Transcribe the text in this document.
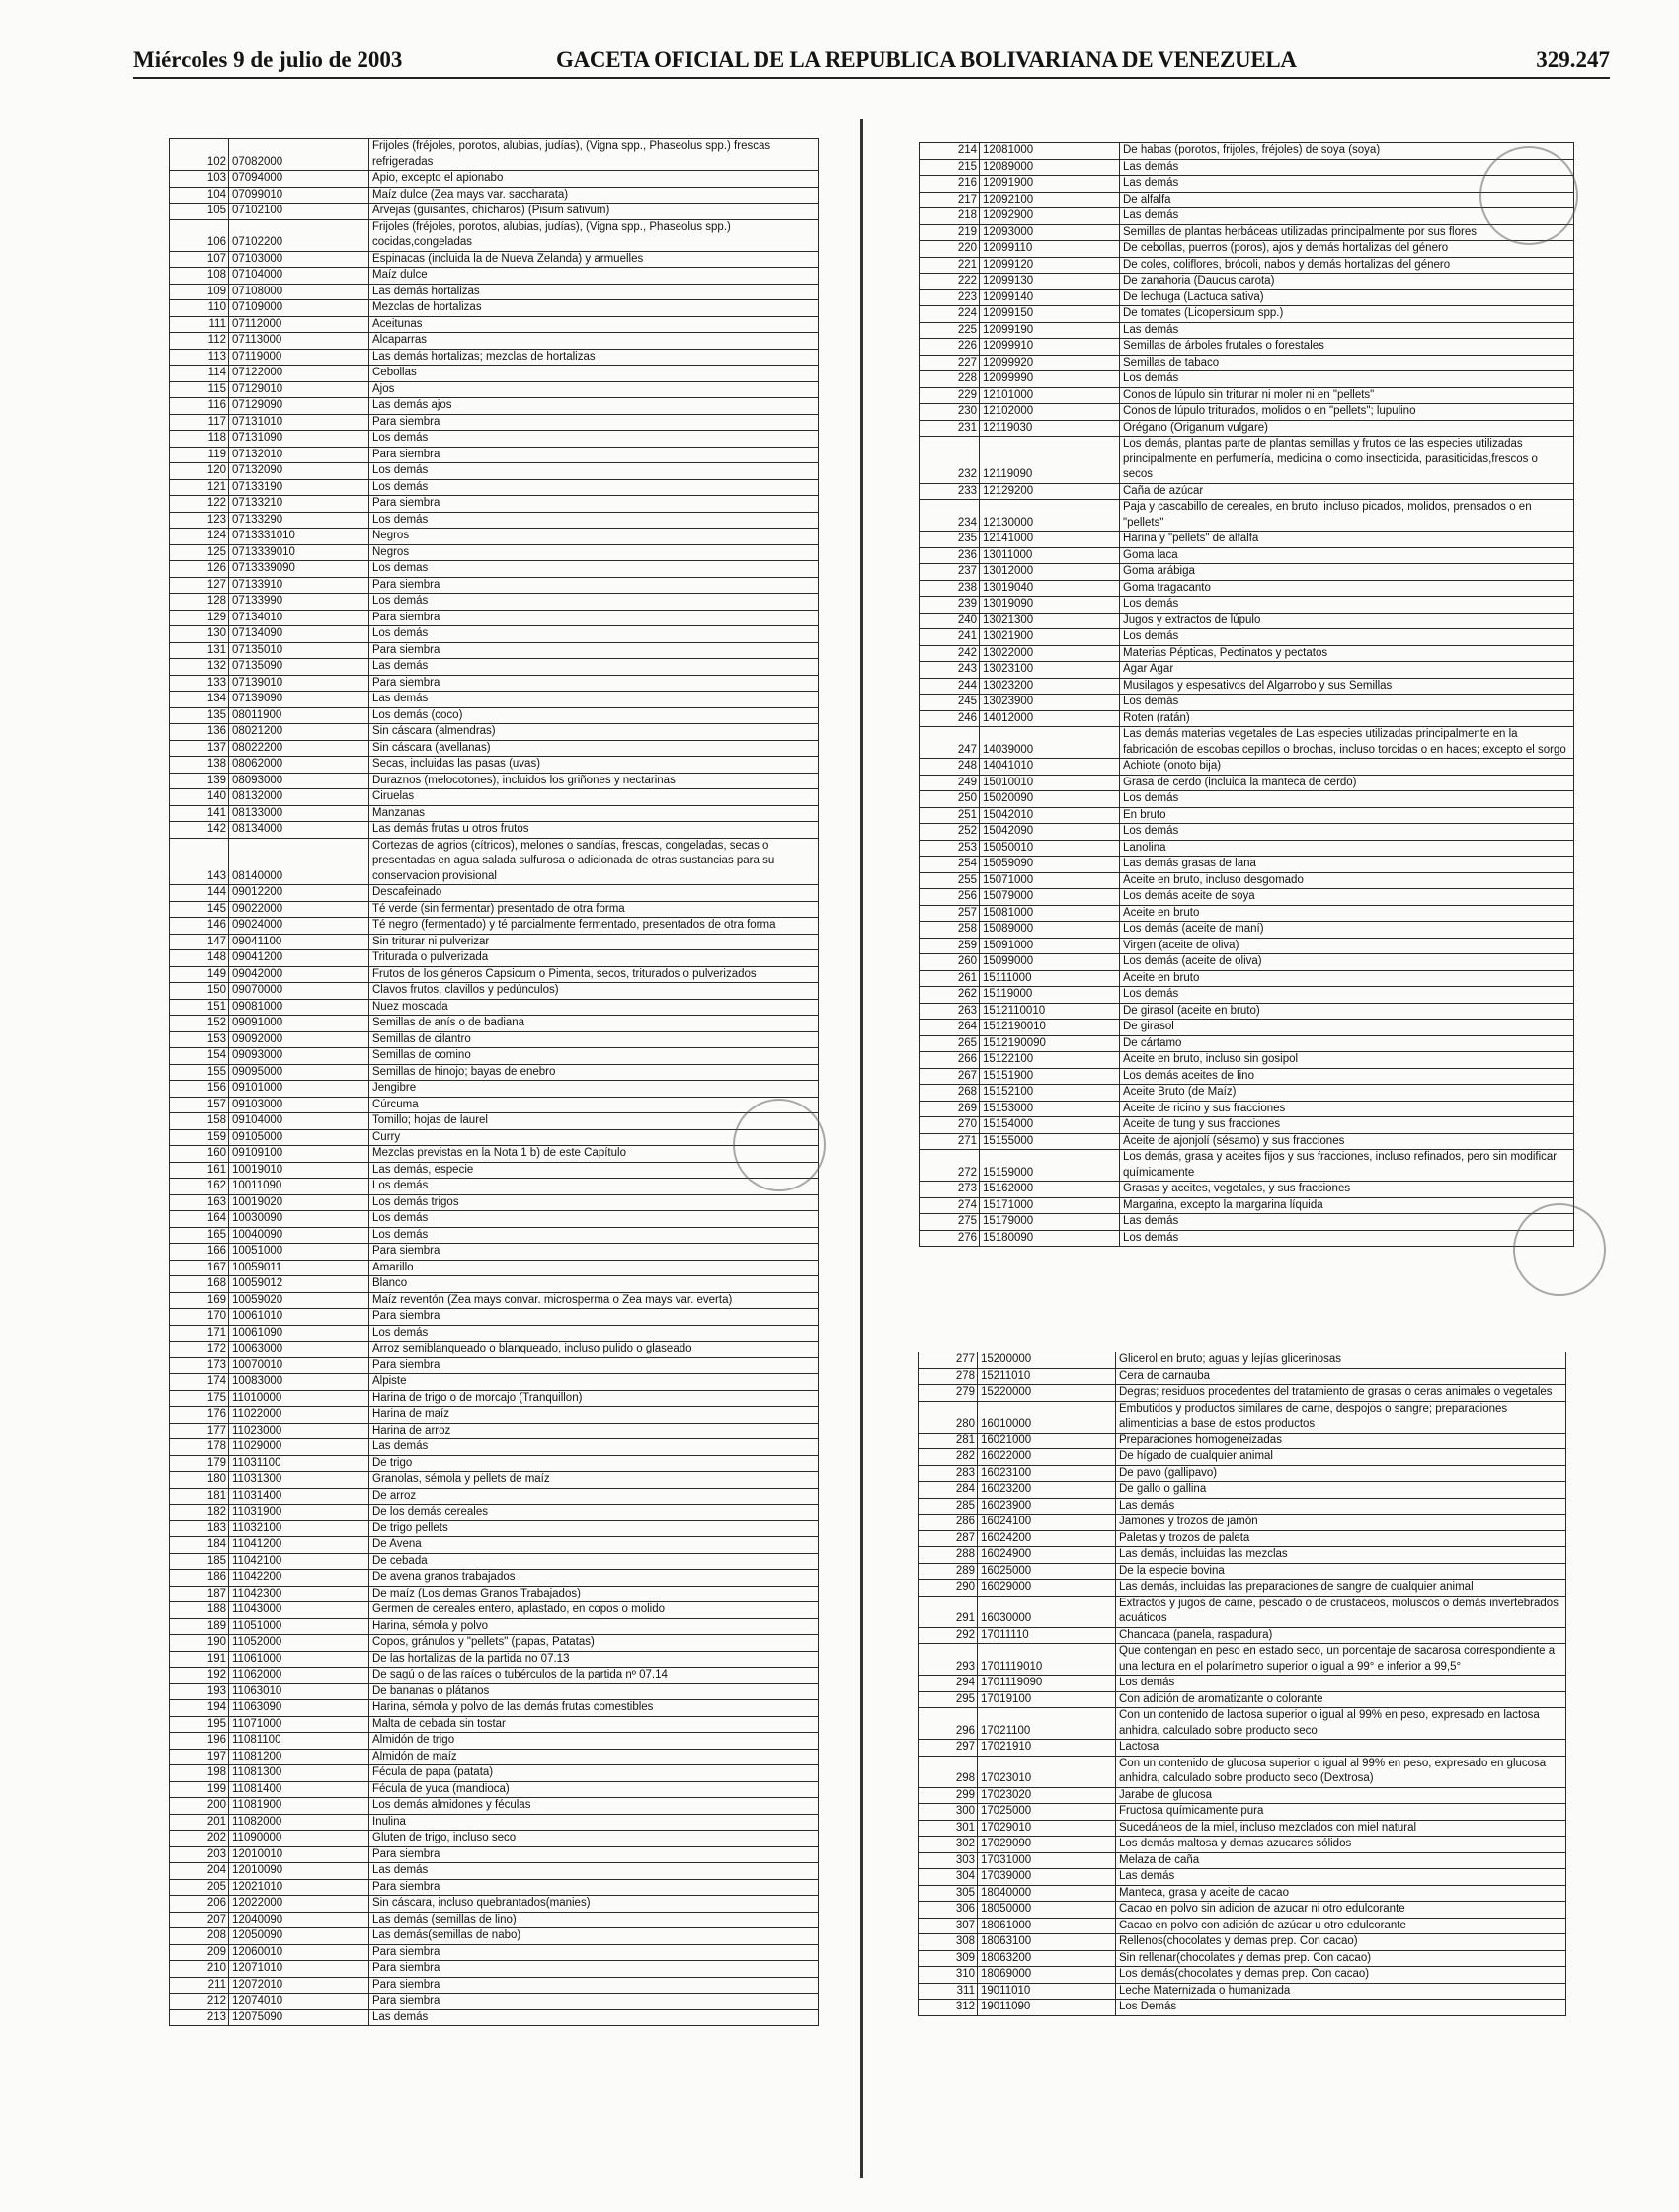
Miércoles 9 de julio de 2003	GACETA OFICIAL DE LA REPUBLICA BOLIVARIANA DE VENEZUELA	329.247
102	07082000	Frijoles (fréjoles, porotos, alubias, judías), (Vigna spp., Phaseolus spp.) frescas refrigeradas
103	07094000	Apio, excepto el apionabo
104	07099010	Maíz dulce (Zea mays var. saccharata)
105	07102100	Arvejas (guisantes, chícharos) (Pisum sativum)
106	07102200	Frijoles (fréjoles, porotos, alubias, judías), (Vigna spp., Phaseolus spp.) cocidas,congeladas
107	07103000	Espinacas (incluida la de Nueva Zelanda) y armuelles
108	07104000	Maíz dulce
109	07108000	Las demás hortalizas
110	07109000	Mezclas de hortalizas
111	07112000	Aceitunas
112	07113000	Alcaparras
113	07119000	Las demás hortalizas; mezclas de hortalizas
114	07122000	Cebollas
115	07129010	Ajos
116	07129090	Las demás ajos
117	07131010	Para siembra
118	07131090	Los demás
119	07132010	Para siembra
120	07132090	Los demás
121	07133190	Los demás
122	07133210	Para siembra
123	07133290	Los demás
124	0713331010	Negros
125	0713339010	Negros
126	0713339090	Los demas
127	07133910	Para siembra
128	07133990	Los demás
129	07134010	Para siembra
130	07134090	Los demás
131	07135010	Para siembra
132	07135090	Las demás
133	07139010	Para siembra
134	07139090	Las demás
135	08011900	Los demás (coco)
136	08021200	Sin cáscara (almendras)
137	08022200	Sin cáscara (avellanas)
138	08062000	Secas, incluidas las pasas (uvas)
139	08093000	Duraznos (melocotones), incluidos los griñones y nectarinas
140	08132000	Ciruelas
141	08133000	Manzanas
142	08134000	Las demás frutas u otros frutos
143	08140000	Cortezas de agrios (cítricos), melones o sandías, frescas, congeladas, secas o presentadas en agua salada sulfurosa o adicionada de otras sustancias para su conservacion provisional
144	09012200	Descafeinado
145	09022000	Té verde (sin fermentar) presentado de otra forma
146	09024000	Té negro (fermentado) y té parcialmente fermentado, presentados de otra forma
147	09041100	Sin triturar ni pulverizar
148	09041200	Triturada o pulverizada
149	09042000	Frutos de los géneros Capsicum o Pimenta, secos, triturados o pulverizados
150	09070000	Clavos frutos, clavillos y pedúnculos)
151	09081000	Nuez moscada
152	09091000	Semillas de anís o de badiana
153	09092000	Semillas de cilantro
154	09093000	Semillas de comino
155	09095000	Semillas de hinojo; bayas de enebro
156	09101000	Jengibre
157	09103000	Cúrcuma
158	09104000	Tomillo; hojas de laurel
159	09105000	Curry
160	09109100	Mezclas previstas en la Nota 1 b) de este Capítulo
161	10019010	Las demás, especie
162	10011090	Los demás
163	10019020	Los demás trigos
164	10030090	Los demás
165	10040090	Los demás
166	10051000	Para siembra
167	10059011	Amarillo
168	10059012	Blanco
169	10059020	Maíz reventón (Zea mays convar. microsperma o Zea mays var. everta)
170	10061010	Para siembra
171	10061090	Los demás
172	10063000	Arroz semiblanqueado o blanqueado, incluso pulido o glaseado
173	10070010	Para siembra
174	10083000	Alpiste
175	11010000	Harina de trigo o de morcajo (Tranquillon)
176	11022000	Harina de maíz
177	11023000	Harina de arroz
178	11029000	Las demás
179	11031100	De trigo
180	11031300	Granolas, sémola y pellets de maíz
181	11031400	De arroz
182	11031900	De los demás cereales
183	11032100	De trigo pellets
184	11041200	De Avena
185	11042100	De cebada
186	11042200	De avena granos trabajados
187	11042300	De maíz (Los demas Granos Trabajados)
188	11043000	Germen de cereales entero, aplastado, en copos o molido
189	11051000	Harina, sémola y polvo
190	11052000	Copos, gránulos y "pellets" (papas, Patatas)
191	11061000	De las hortalizas de la partida no 07.13
192	11062000	De sagú o de las raíces o tubérculos de la partida nº 07.14
193	11063010	De bananas o plátanos
194	11063090	Harina, sémola y polvo de las demás frutas comestibles
195	11071000	Malta de cebada sin tostar
196	11081100	Almidón de trigo
197	11081200	Almidón de maíz
198	11081300	Fécula de papa (patata)
199	11081400	Fécula de yuca (mandioca)
200	11081900	Los demás almidones y féculas
201	11082000	Inulina
202	11090000	Gluten de trigo, incluso seco
203	12010010	Para siembra
204	12010090	Las demás
205	12021010	Para siembra
206	12022000	Sin cáscara, incluso quebrantados(manies)
207	12040090	Las demás (semillas de lino)
208	12050090	Las demás(semillas de nabo)
209	12060010	Para siembra
210	12071010	Para siembra
211	12072010	Para siembra
212	12074010	Para siembra
213	12075090	Las demás
214	12081000	De habas (porotos, frijoles, fréjoles) de soya (soya)
215	12089000	Las demás
216	12091900	Las demás
217	12092100	De alfalfa
218	12092900	Las demás
219	12093000	Semillas de plantas herbáceas utilizadas principalmente por sus flores
220	12099110	De cebollas, puerros (poros), ajos y demás hortalizas del género
221	12099120	De coles, coliflores, brócoli, nabos y demás hortalizas del género
222	12099130	De zanahoria (Daucus carota)
223	12099140	De lechuga (Lactuca sativa)
224	12099150	De tomates (Licopersicum spp.)
225	12099190	Las demás
226	12099910	Semillas de árboles frutales o forestales
227	12099920	Semillas de tabaco
228	12099990	Los demás
229	12101000	Conos de lúpulo sin triturar ni moler ni en "pellets"
230	12102000	Conos de lúpulo triturados, molidos o en "pellets"; lupulino
231	12119030	Orégano (Origanum vulgare)
232	12119090	Los demás, plantas parte de plantas semillas y frutos de las especies utilizadas principalmente en perfumería, medicina o como insecticida, parasiticidas,frescos o secos
233	12129200	Caña de azúcar
234	12130000	Paja y cascabillo de cereales, en bruto, incluso picados, molidos, prensados o en "pellets"
235	12141000	Harina y "pellets" de alfalfa
236	13011000	Goma laca
237	13012000	Goma arábiga
238	13019040	Goma tragacanto
239	13019090	Los demás
240	13021300	Jugos y extractos de lúpulo
241	13021900	Los demás
242	13022000	Materias Pépticas, Pectinatos y pectatos
243	13023100	Agar Agar
244	13023200	Musilagos y espesativos del Algarrobo y sus Semillas
245	13023900	Los demás
246	14012000	Roten (ratán)
247	14039000	Las demás materias vegetales de Las especies utilizadas principalmente en la fabricación de escobas cepillos o brochas, incluso torcidas o en haces; excepto el sorgo
248	14041010	Achiote (onoto bija)
249	15010010	Grasa de cerdo (incluida la manteca de cerdo)
250	15020090	Los demás
251	15042010	En bruto
252	15042090	Los demás
253	15050010	Lanolina
254	15059090	Las demás grasas de lana
255	15071000	Aceite en bruto, incluso desgomado
256	15079000	Los demás aceite de soya
257	15081000	Aceite en bruto
258	15089000	Los demás (aceite de maní)
259	15091000	Virgen (aceite de oliva)
260	15099000	Los demás (aceite de oliva)
261	15111000	Aceite en bruto
262	15119000	Los demás
263	1512110010	De girasol (aceite en bruto)
264	1512190010	De girasol
265	1512190090	De cártamo
266	15122100	Aceite en bruto, incluso sin gosipol
267	15151900	Los demás aceites de lino
268	15152100	Aceite Bruto (de Maíz)
269	15153000	Aceite de ricino y sus fracciones
270	15154000	Aceite de tung y sus fracciones
271	15155000	Aceite de ajonjolí (sésamo) y sus fracciones
272	15159000	Los demás, grasa y aceites fijos y sus fracciones, incluso refinados, pero sin modificar químicamente
273	15162000	Grasas y aceites, vegetales, y sus fracciones
274	15171000	Margarina, excepto la margarina líquida
275	15179000	Las demás
276	15180090	Los demás
277	15200000	Glicerol en bruto; aguas y lejías glicerinosas
278	15211010	Cera de carnauba
279	15220000	Degras; residuos procedentes del tratamiento de grasas o ceras animales o vegetales
280	16010000	Embutidos y productos similares de carne, despojos o sangre; preparaciones alimenticias a base de estos productos
281	16021000	Preparaciones homogeneizadas
282	16022000	De hígado de cualquier animal
283	16023100	De pavo (gallipavo)
284	16023200	De gallo o gallina
285	16023900	Las demás
286	16024100	Jamones y trozos de jamón
287	16024200	Paletas y trozos de paleta
288	16024900	Las demás, incluidas las mezclas
289	16025000	De la especie bovina
290	16029000	Las demás, incluidas las preparaciones de sangre de cualquier animal
291	16030000	Extractos y jugos de carne, pescado o de crustaceos, moluscos o demás invertebrados acuáticos
292	17011110	Chancaca (panela, raspadura)
293	1701119010	Que contengan en peso en estado seco, un porcentaje de sacarosa correspondiente a una lectura en el polarímetro superior o igual a 99° e inferior a 99,5°
294	1701119090	Los demás
295	17019100	Con adición de aromatizante o colorante
296	17021100	Con un contenido de lactosa superior o igual al 99% en peso, expresado en lactosa anhidra, calculado sobre producto seco
297	17021910	Lactosa
298	17023010	Con un contenido de glucosa superior o igual al 99% en peso, expresado en glucosa anhidra, calculado sobre producto seco (Dextrosa)
299	17023020	Jarabe de glucosa
300	17025000	Fructosa químicamente pura
301	17029010	Sucedáneos de la miel, incluso mezclados con miel natural
302	17029090	Los demás maltosa y demas azucares sólidos
303	17031000	Melaza de caña
304	17039000	Las demás
305	18040000	Manteca, grasa y aceite de cacao
306	18050000	Cacao en polvo sin adicion de azucar ni otro edulcorante
307	18061000	Cacao en polvo con adición de azúcar u otro edulcorante
308	18063100	Rellenos(chocolates y demas prep. Con cacao)
309	18063200	Sin rellenar(chocolates y demas prep. Con cacao)
310	18069000	Los demás(chocolates y demas prep. Con cacao)
311	19011010	Leche Maternizada o humanizada
312	19011090	Los Demás
